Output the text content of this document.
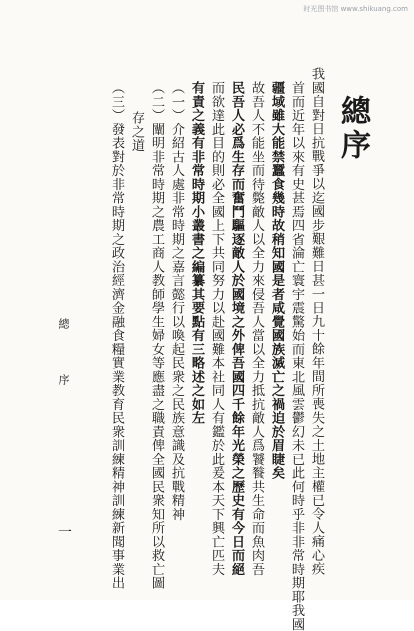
时光图书馆 www.shikuang.com
總序
我國自對日抗戰爭以迄國步艱難日甚一日九十餘年間所喪失之土地主權已令人痛心疾
首而近年以來有史甚焉四省淪亡寰宇震驚始而東北風雲鬱幻未已此何時乎非非常時期耶我國
疆域雖大能禁蠶食幾時故稍知國是者咸覺國族滅亡之禍迫於眉睫矣
故吾人不能坐而待斃敵人以全力來侵吾人當以全力抵抗敵人爲饕餮共生命而魚肉吾
民吾人必爲生存而奮鬥驅逐敵人於國境之外俾吾國四千餘年光榮之歷史有今日而絕
而欲達此目的則必全國上下共同努力以赴國難本社同人有鑑於此爰本天下興亡匹夫
有責之義有非常時期小叢書之編纂其要點有三略述之如左
（一）介紹古人處非常時期之嘉言懿行以喚起民衆之民族意識及抗戰精神
（二）闡明非常時期之農工商人教師學生婦女等應盡之職責俾全國民衆知所以救亡圖
存之道
（三）發表對於非常時期之政治經濟金融食糧實業教育民衆訓練精神訓練新聞事業出
總 序
一
